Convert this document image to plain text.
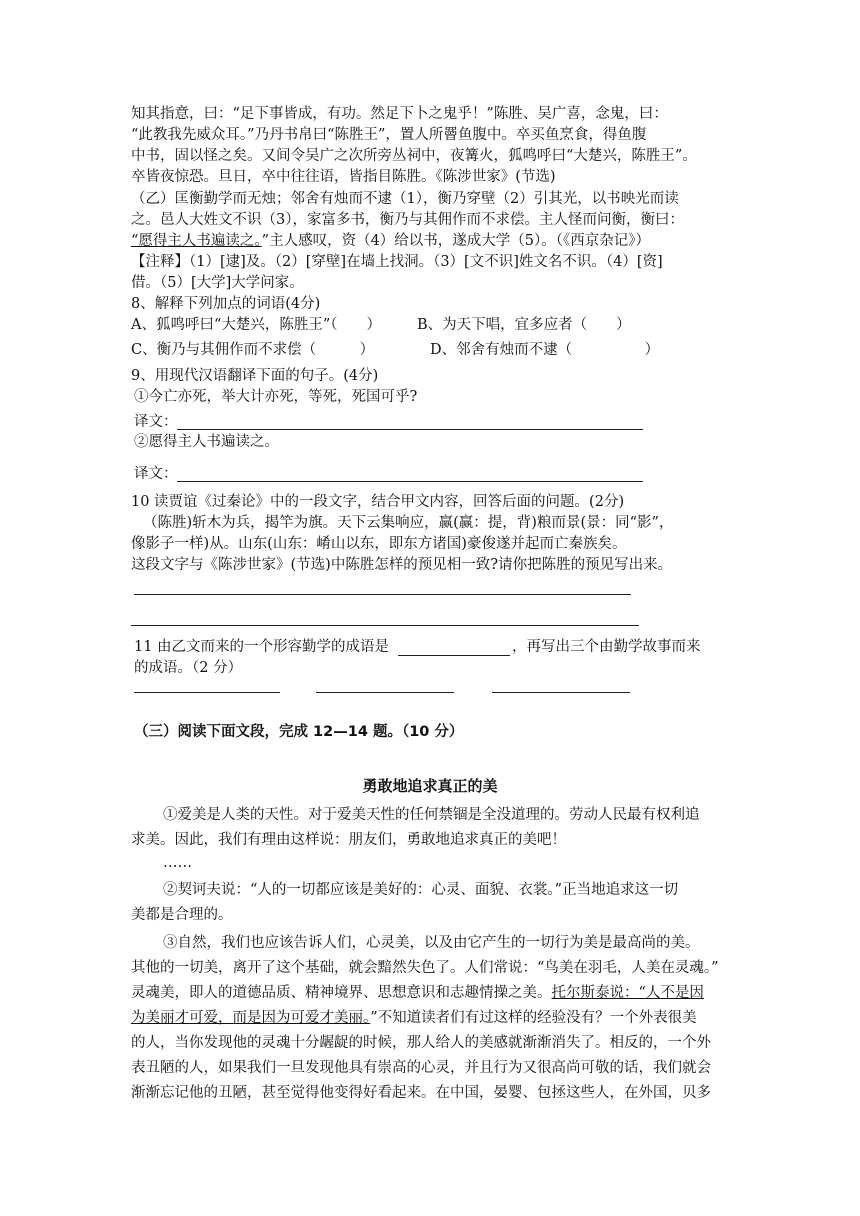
知其指意，曰：“足下事皆成，有功。然足下卜之鬼乎！”陈胜、吴广喜，念鬼，曰：
“此教我先威众耳。”乃丹书帛曰“陈胜王”，置人所罾鱼腹中。卒买鱼烹食，得鱼腹
中书，固以怪之矣。又间令吴广之次所旁丛祠中，夜篝火，狐鸣呼曰“大楚兴，陈胜王”。
卒皆夜惊恐。旦日，卒中往往语，皆指目陈胜。《陈涉世家》(节选)
（乙）匡衡勤学而无烛；邻舍有烛而不逮（1），衡乃穿壁（2）引其光，以书映光而读
之。邑人大姓文不识（3），家富多书，衡乃与其佣作而不求偿。主人怪而问衡，衡曰：
“愿得主人书遍读之。”主人感叹，资（4）给以书，遂成大学（5）。（《西京杂记》）
【注释】（1）[逮]及。（2）[穿壁]在墙上找洞。（3）[文不识]姓文名不识。（4）[资]
借。（5）[大学]大学问家。
8、解释下列加点的词语(4分)
A、狐鸣呼曰“大楚兴，陈胜王”（　　） B、为天下唱，宜多应者（　　）
C、衡乃与其佣作而不求偿（　　　）	D、邻舍有烛而不逮（　　　　　）
9、用现代汉语翻译下面的句子。(4分)
①今亡亦死，举大计亦死，等死，死国可乎?
译文：
②愿得主人书遍读之。
译文：
10 读贾谊《过秦论》中的一段文字，结合甲文内容，回答后面的问题。(2分)
（陈胜)斩木为兵，揭竿为旗。天下云集响应，赢(赢：提，背)粮而景(景：同“影”，
像影子一样)从。山东(山东：崤山以东，即东方诸国)豪俊遂并起而亡秦族矣。
这段文字与《陈涉世家》(节选)中陈胜怎样的预见相一致?请你把陈胜的预见写出来。
11 由乙文而来的一个形容勤学的成语是	，再写出三个由勤学故事而来
的成语。（2 分）
（三）阅读下面文段，完成 12—14 题。（10 分）
勇敢地追求真正的美
①爱美是人类的天性。对于爱美天性的任何禁锢是全没道理的。劳动人民最有权利追
求美。因此，我们有理由这样说：朋友们，勇敢地追求真正的美吧！
……
②契诃夫说：“人的一切都应该是美好的：心灵、面貌、衣裳。”正当地追求这一切
美都是合理的。
③自然，我们也应该告诉人们，心灵美，以及由它产生的一切行为美是最高尚的美。
其他的一切美，离开了这个基础，就会黯然失色了。人们常说：“鸟美在羽毛，人美在灵魂。”
灵魂美，即人的道德品质、精神境界、思想意识和志趣情操之美。托尔斯泰说：“人不是因
为美丽才可爱，而是因为可爱才美丽。”不知道读者们有过这样的经验没有？一个外表很美
的人，当你发现他的灵魂十分龌龊的时候，那人给人的美感就渐渐消失了。相反的，一个外
表丑陋的人，如果我们一旦发现他具有崇高的心灵，并且行为又很高尚可敬的话，我们就会
渐渐忘记他的丑陋，甚至觉得他变得好看起来。在中国，晏婴、包拯这些人，在外国，贝多
